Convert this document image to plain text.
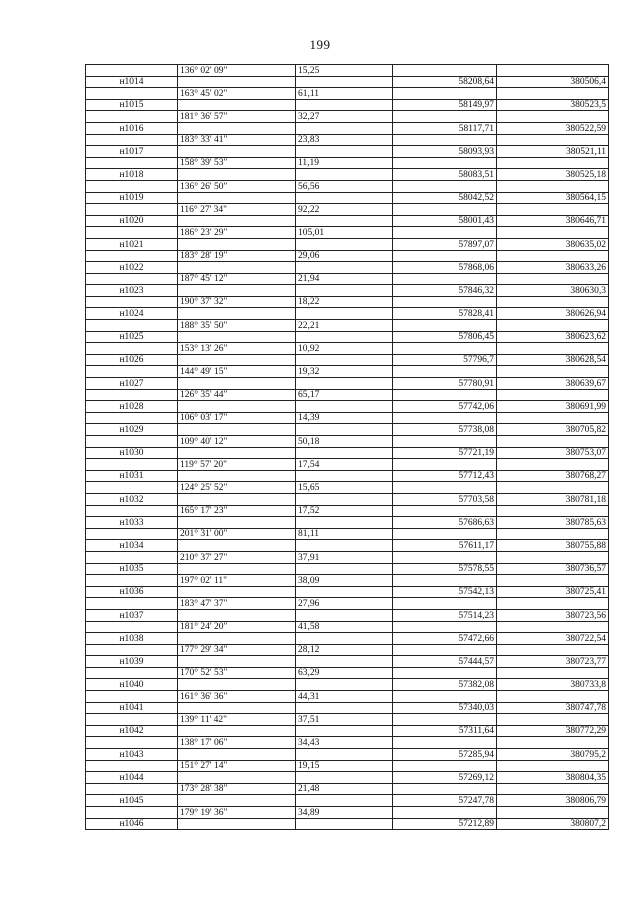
199
	136° 02' 09"	15,25		
н1014			58208,64	380506,4
	163° 45' 02"	61,11		
н1015			58149,97	380523,5
	181° 36' 57"	32,27		
н1016			58117,71	380522,59
	183° 33' 41"	23,83		
н1017			58093,93	380521,11
	158° 39' 53"	11,19		
н1018			58083,51	380525,18
	136° 26' 50"	56,56		
н1019			58042,52	380564,15
	116° 27' 34"	92,22		
н1020			58001,43	380646,71
	186° 23' 29"	105,01		
н1021			57897,07	380635,02
	183° 28' 19"	29,06		
н1022			57868,06	380633,26
	187° 45' 12"	21,94		
н1023			57846,32	380630,3
	190° 37' 32"	18,22		
н1024			57828,41	380626,94
	188° 35' 50"	22,21		
н1025			57806,45	380623,62
	153° 13' 26"	10,92		
н1026			57796,7	380628,54
	144° 49' 15"	19,32		
н1027			57780,91	380639,67
	126° 35' 44"	65,17		
н1028			57742,06	380691,99
	106° 03' 17"	14,39		
н1029			57738,08	380705,82
	109° 40' 12"	50,18		
н1030			57721,19	380753,07
	119° 57' 20"	17,54		
н1031			57712,43	380768,27
	124° 25' 52"	15,65		
н1032			57703,58	380781,18
	165° 17' 23"	17,52		
н1033			57686,63	380785,63
	201° 31' 00"	81,11		
н1034			57611,17	380755,88
	210° 37' 27"	37,91		
н1035			57578,55	380736,57
	197° 02' 11"	38,09		
н1036			57542,13	380725,41
	183° 47' 37"	27,96		
н1037			57514,23	380723,56
	181° 24' 20"	41,58		
н1038			57472,66	380722,54
	177° 29' 34"	28,12		
н1039			57444,57	380723,77
	170° 52' 53"	63,29		
н1040			57382,08	380733,8
	161° 36' 36"	44,31		
н1041			57340,03	380747,78
	139° 11' 42"	37,51		
н1042			57311,64	380772,29
	138° 17' 06"	34,43		
н1043			57285,94	380795,2
	151° 27' 14"	19,15		
н1044			57269,12	380804,35
	173° 28' 38"	21,48		
н1045			57247,78	380806,79
	179° 19' 36"	34,89		
н1046			57212,89	380807,2
